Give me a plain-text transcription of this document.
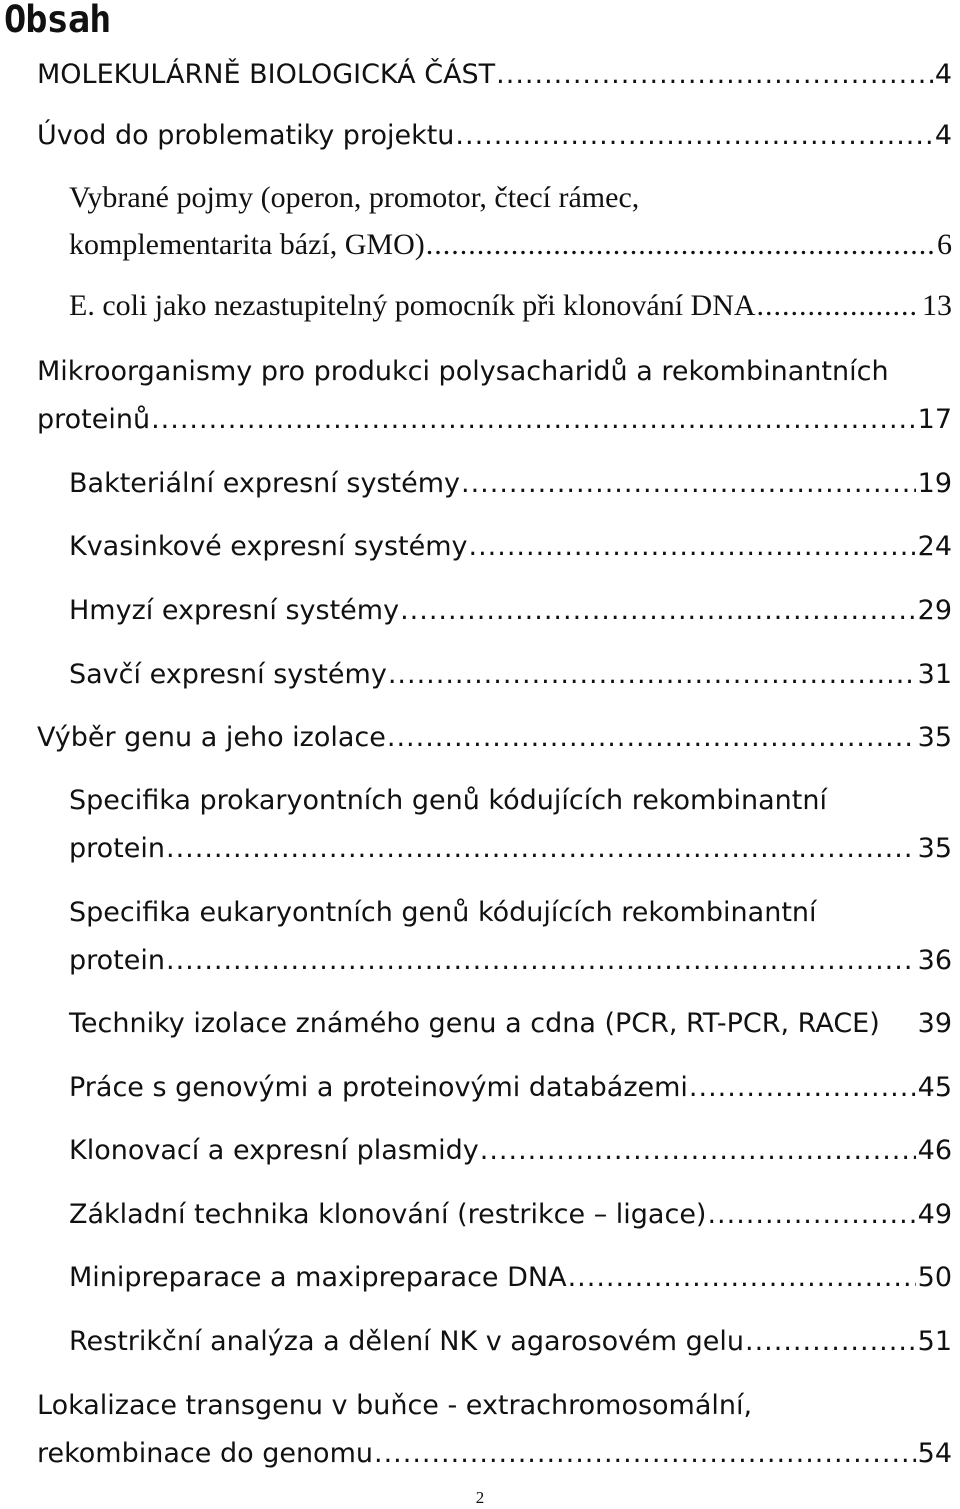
Obsah
MOLEKULÁRNĚ BIOLOGICKÁ ČÁST .....	4
Úvod do problematiky projektu .....	4
Vybrané pojmy (operon, promotor, čtecí rámec,
komplementarita bází, GMO) .....	6
E. coli jako nezastupitelný pomocník při klonování DNA .....	13
Mikroorganismy pro produkci polysacharidů a rekombinantních
proteinů .....	17
Bakteriální expresní systémy .....	19
Kvasinkové expresní systémy .....	24
Hmyzí expresní systémy .....	29
Savčí expresní systémy .....	31
Výběr genu a jeho izolace .....	35
Specifika prokaryontních genů kódujících rekombinantní
protein .....	35
Specifika eukaryontních genů kódujících rekombinantní
protein .....	36
Techniky izolace známého genu a cdna (PCR, RT-PCR, RACE) 39
Práce s genovými a proteinovými databázemi .....	45
Klonovací a expresní plasmidy .....	46
Základní technika klonování (restrikce – ligace) .....	49
Minipreparace a maxipreparace DNA .....	50
Restrikční analýza a dělení NK v agarosovém gelu .....	51
Lokalizace transgenu v buňce - extrachromosomální,
rekombinace do genomu .....	54
2
